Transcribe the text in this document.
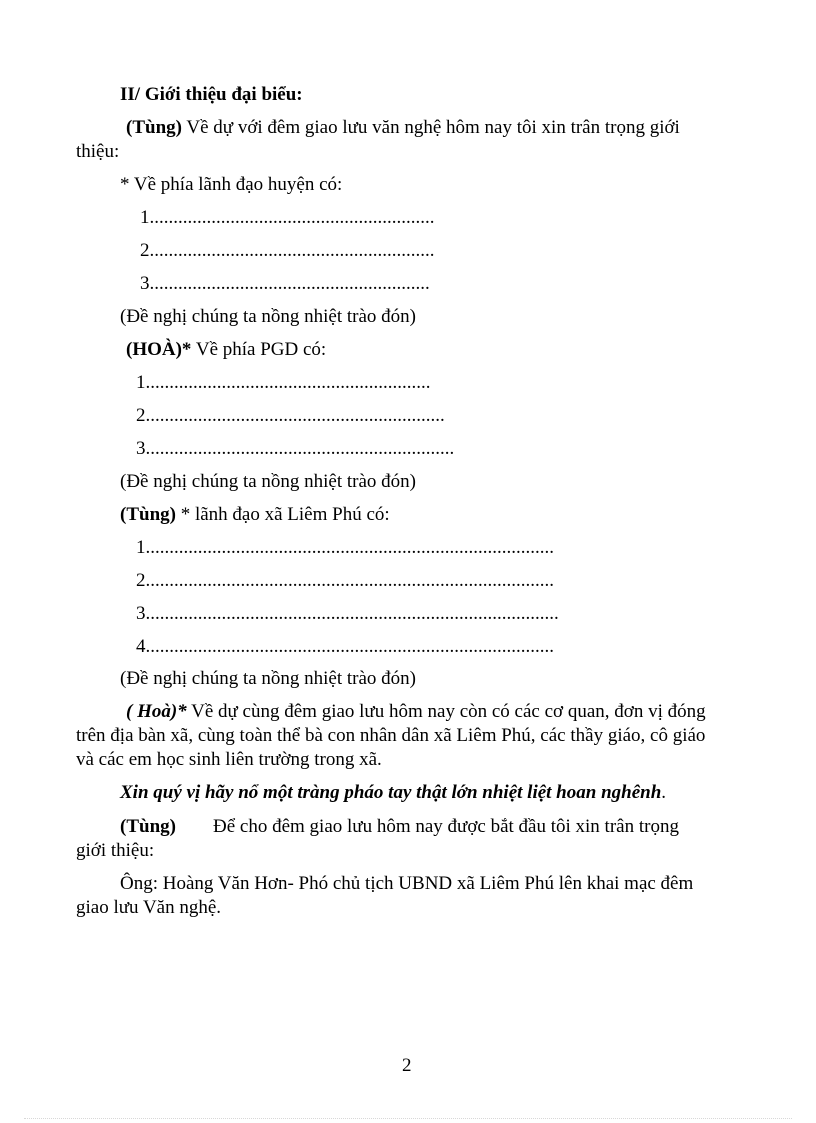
II/ Giới thiệu đại biểu:
(Tùng) Về dự với đêm giao lưu văn nghệ hôm nay tôi xin trân trọng giới
thiệu:
* Về phía lãnh đạo huyện có:
1............................................................
2............................................................
3...........................................................
(Đề nghị chúng ta nồng nhiệt trào đón)
(HOÀ)* Về phía PGD có:
1............................................................
2...............................................................
3.................................................................
(Đề nghị chúng ta nồng nhiệt trào đón)
(Tùng) * lãnh đạo xã Liêm Phú có:
1......................................................................................
2......................................................................................
3.......................................................................................
4......................................................................................
(Đề nghị chúng ta nồng nhiệt trào đón)
( Hoà)* Về dự cùng đêm giao lưu hôm nay còn có các cơ quan, đơn vị đóng
trên địa bàn xã, cùng toàn thể bà con nhân dân xã Liêm Phú, các thầy giáo, cô giáo
và các em học sinh liên trường trong xã.
Xin quý vị hãy nổ một tràng pháo tay thật lớn nhiệt liệt hoan nghênh.
(Tùng) Để cho đêm giao lưu hôm nay được bắt đầu tôi xin trân trọng
giới thiệu:
Ông: Hoàng Văn Hơn- Phó chủ tịch UBND xã Liêm Phú lên khai mạc đêm
giao lưu Văn nghệ.
2
